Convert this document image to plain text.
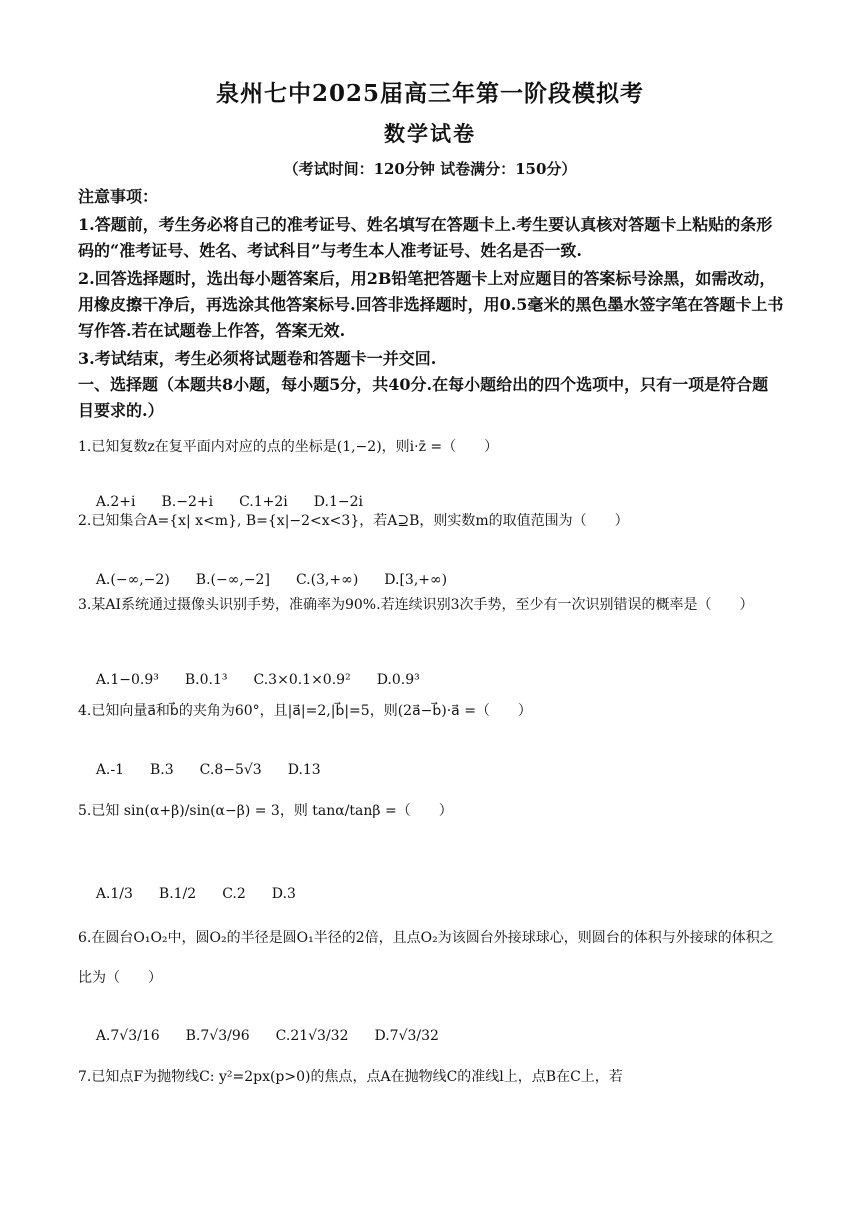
泉州七中2025届高三年第一阶段模拟考
数学试卷
（考试时间：120分钟 试卷满分：150分）
注意事项：
1.答题前，考生务必将自己的准考证号、姓名填写在答题卡上.考生要认真核对答题卡上粘贴的条形码的“准考证号、姓名、考试科目”与考生本人准考证号、姓名是否一致.
2.回答选择题时，选出每小题答案后，用2B铅笔把答题卡上对应题目的答案标号涂黑，如需改动，用橡皮擦干净后，再选涂其他答案标号.回答非选择题时，用0.5毫米的黑色墨水签字笔在答题卡上书写作答.若在试题卷上作答，答案无效.
3.考试结束，考生必须将试题卷和答题卡一并交回.
一、选择题（本题共8小题，每小题5分，共40分.在每小题给出的四个选项中，只有一项是符合题目要求的.）
1.已知复数z在复平面内对应的点的坐标是(1,−2)，则i·z̄ =（　　）

A.2+i B.−2+i C.1+2i D.1−2i

2.已知集合A={x| x<m}, B={x|−2<x<3}，若A⊇B，则实数m的取值范围为（　　）

A.(−∞,−2) B.(−∞,−2] C.(3,+∞) D.[3,+∞)

3.某AI系统通过摄像头识别手势，准确率为90%.若连续识别3次手势，至少有一次识别错误的概率是（　　）

A.1−0.9³ B.0.1³ C.3×0.1×0.9² D.0.9³

4.已知向量a⃗和b⃗的夹角为60°，且|a⃗|=2,|b⃗|=5，则(2a⃗−b⃗)·a⃗ =（　　）

A.-1 B.3 C.8−5√3 D.13

5.已知 sin(α+β)/sin(α−β) = 3，则 tanα/tanβ =（　　）

A.1/3 B.1/2 C.2 D.3

6.在圆台O₁O₂中，圆O₂的半径是圆O₁半径的2倍，且点O₂为该圆台外接球球心，则圆台的体积与外接球的体积之比为（　　）

A.7√3/16 B.7√3/96 C.21√3/32 D.7√3/32

7.已知点F为抛物线C: y²=2px(p>0)的焦点，点A在抛物线C的准线l上，点B在C上，若
